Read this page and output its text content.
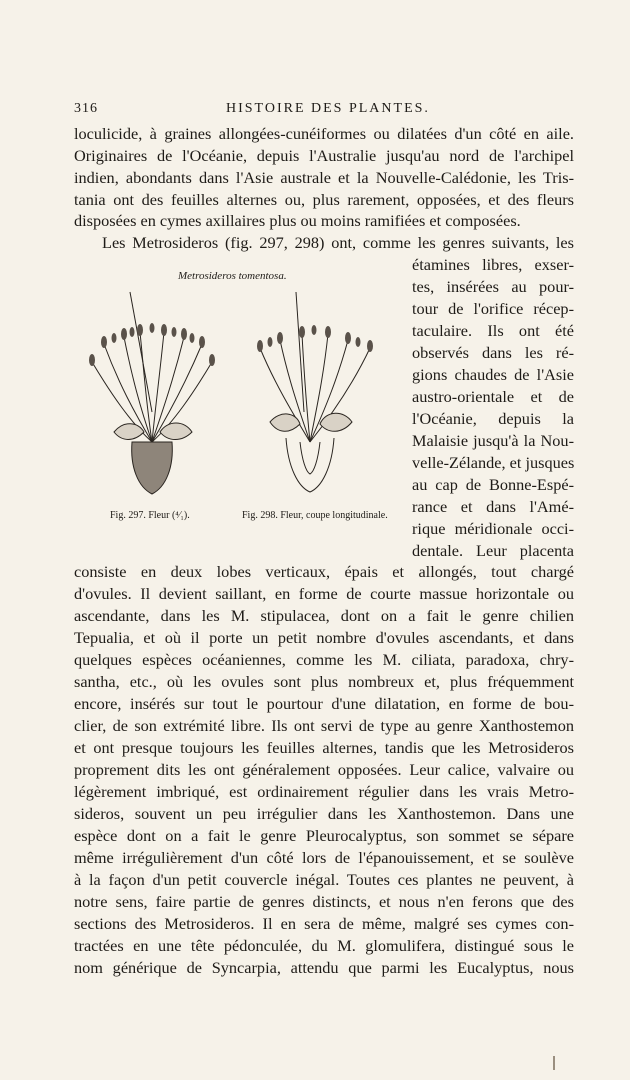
316	HISTOIRE DES PLANTES.
loculicide, à graines allongées-cunéiformes ou dilatées d'un côté en aile.
Originaires de l'Océanie, depuis l'Australie jusqu'au nord de l'archipel
indien, abondants dans l'Asie australe et la Nouvelle-Calédonie, les Tris-
tania ont des feuilles alternes ou, plus rarement, opposées, et des fleurs
disposées en cymes axillaires plus ou moins ramifiées et composées.
Les Metrosideros (fig. 297, 298) ont, comme les genres suivants, les
étamines libres, exser-
tes, insérées au pour-
tour de l'orifice récep-
taculaire. Ils ont été
observés dans les ré-
gions chaudes de l'Asie
austro-orientale et de
l'Océanie, depuis la
Malaisie jusqu'à la Nou-
velle-Zélande, et jusques
au cap de Bonne-Espé-
rance et dans l'Amé-
rique méridionale occi-
dentale. Leur placenta
Metrosideros tomentosa.
Fig. 297. Fleur (⁴⁄₁).	Fig. 298. Fleur, coupe longitudinale.
consiste en deux lobes verticaux, épais et allongés, tout chargé
d'ovules. Il devient saillant, en forme de courte massue horizontale ou
ascendante, dans les M. stipulacea, dont on a fait le genre chilien
Tepualia, et où il porte un petit nombre d'ovules ascendants, et dans
quelques espèces océaniennes, comme les M. ciliata, paradoxa, chry-
santha, etc., où les ovules sont plus nombreux et, plus fréquemment
encore, insérés sur tout le pourtour d'une dilatation, en forme de bou-
clier, de son extrémité libre. Ils ont servi de type au genre Xanthostemon
et ont presque toujours les feuilles alternes, tandis que les Metrosideros
proprement dits les ont généralement opposées. Leur calice, valvaire ou
légèrement imbriqué, est ordinairement régulier dans les vrais Metro-
sideros, souvent un peu irrégulier dans les Xanthostemon. Dans une
espèce dont on a fait le genre Pleurocalyptus, son sommet se sépare
même irrégulièrement d'un côté lors de l'épanouissement, et se soulève
à la façon d'un petit couvercle inégal. Toutes ces plantes ne peuvent, à
notre sens, faire partie de genres distincts, et nous n'en ferons que des
sections des Metrosideros. Il en sera de même, malgré ses cymes con-
tractées en une tête pédonculée, du M. glomulifera, distingué sous le
nom générique de Syncarpia, attendu que parmi les Eucalyptus, nous
